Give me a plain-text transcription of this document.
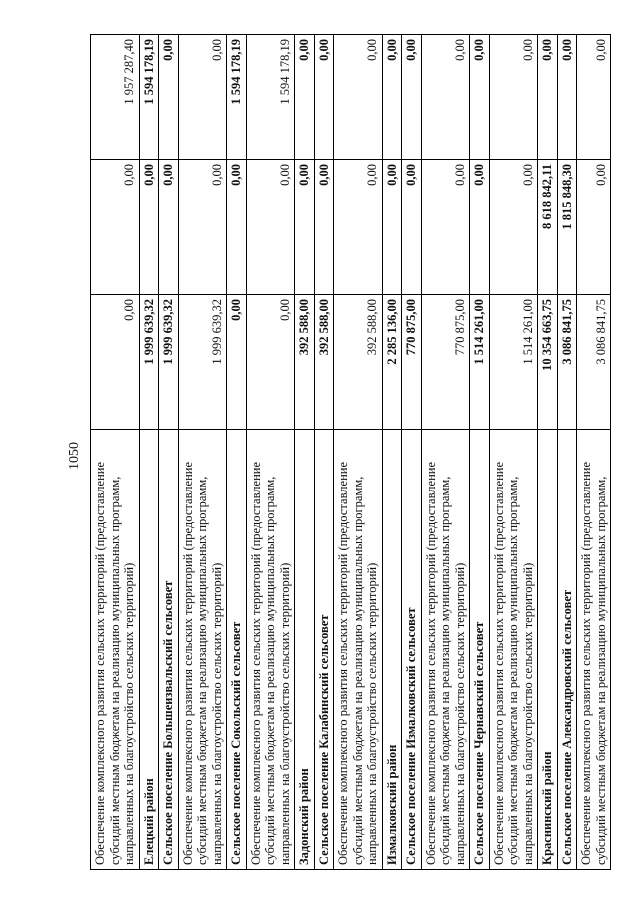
1050
Обеспечение комплексного развития сельских территорий (предоставление субсидий местным бюджетам на реализацию муниципальных программ, направленных на благоустройство сельских территорий)	0,00	0,00	1 957 287,40
Елецкий район	1 999 639,32	0,00	1 594 178,19
Сельское поселение Большеизвальский сельсовет	1 999 639,32	0,00	0,00
Обеспечение комплексного развития сельских территорий (предоставление субсидий местным бюджетам на реализацию муниципальных программ, направленных на благоустройство сельских территорий)	1 999 639,32	0,00	0,00
Сельское поселение Сокольский сельсовет	0,00	0,00	1 594 178,19
Обеспечение комплексного развития сельских территорий (предоставление субсидий местным бюджетам на реализацию муниципальных программ, направленных на благоустройство сельских территорий)	0,00	0,00	1 594 178,19
Задонский район	392 588,00	0,00	0,00
Сельское поселение Калабинский сельсовет	392 588,00	0,00	0,00
Обеспечение комплексного развития сельских территорий (предоставление субсидий местным бюджетам на реализацию муниципальных программ, направленных на благоустройство сельских территорий)	392 588,00	0,00	0,00
Измалковский район	2 285 136,00	0,00	0,00
Сельское поселение Измалковский сельсовет	770 875,00	0,00	0,00
Обеспечение комплексного развития сельских территорий (предоставление субсидий местным бюджетам на реализацию муниципальных программ, направленных на благоустройство сельских территорий)	770 875,00	0,00	0,00
Сельское поселение Чернавский сельсовет	1 514 261,00	0,00	0,00
Обеспечение комплексного развития сельских территорий (предоставление субсидий местным бюджетам на реализацию муниципальных программ, направленных на благоустройство сельских территорий)	1 514 261,00	0,00	0,00
Краснинский район	10 354 663,75	8 618 842,11	0,00
Сельское поселение Александровский сельсовет	3 086 841,75	1 815 848,30	0,00
Обеспечение комплексного развития сельских территорий (предоставление субсидий местным бюджетам на реализацию муниципальных программ,	3 086 841,75	0,00	0,00
